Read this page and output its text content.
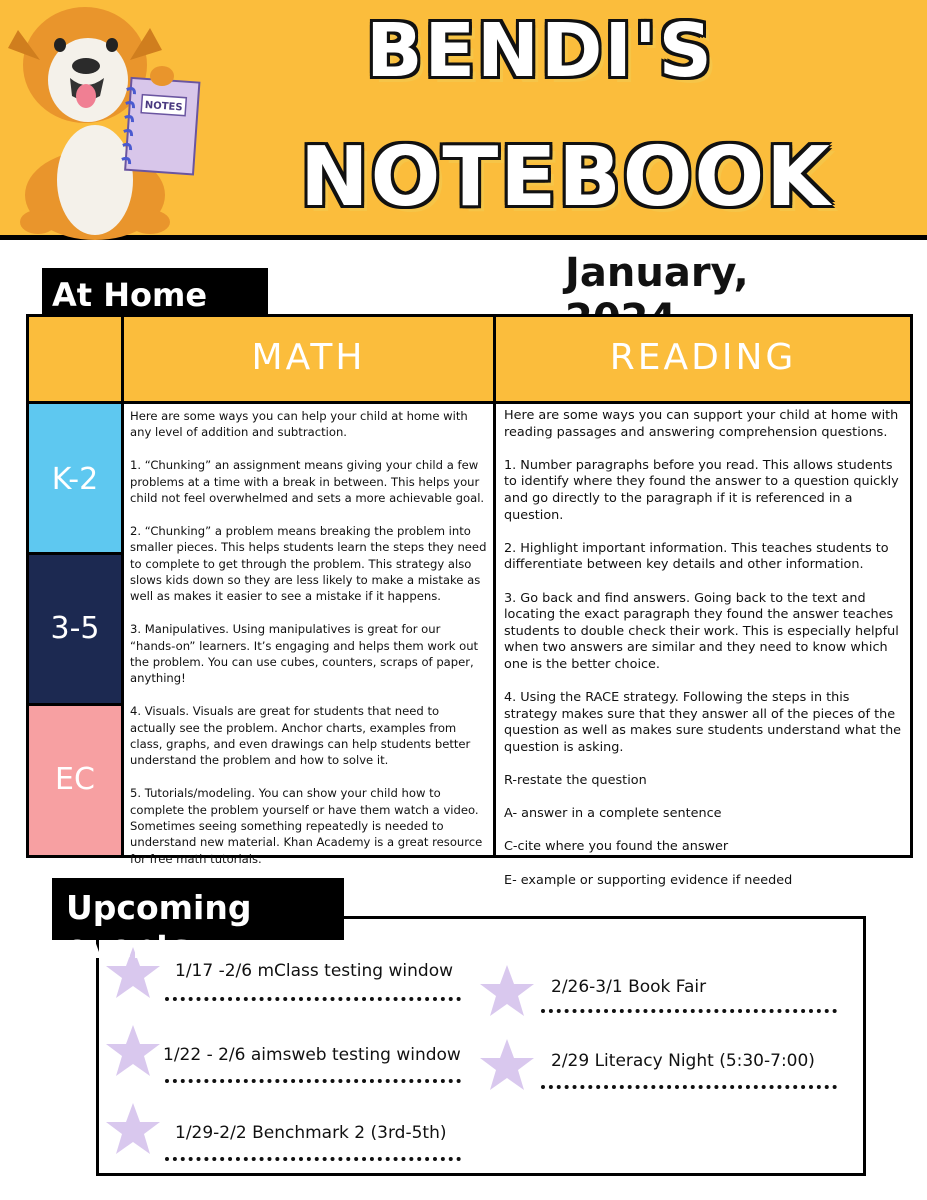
NOTES
BENDI'S
NOTEBOOK
At Home	January,
MATH	READING
K-2
3-5
EC

Here are some ways you can help your child at home with any level of addition and subtraction.

1. “Chunking” an assignment means giving your child a few problems at a time with a break in between. This helps your child not feel overwhelmed and sets a more achievable goal.

2. “Chunking” a problem means breaking the problem into smaller pieces. This helps students learn the steps they need to complete to get through the problem. This strategy also slows kids down so they are less likely to make a mistake as well as makes it easier to see a mistake if it happens.

3. Manipulatives. Using manipulatives is great for our “hands-on” learners. It’s engaging and helps them work out the problem. You can use cubes, counters, scraps of paper, anything!

4. Visuals. Visuals are great for students that need to actually see the problem. Anchor charts, examples from class, graphs, and even drawings can help students better understand the problem and how to solve it.

5. Tutorials/modeling. You can show your child how to complete the problem yourself or have them watch a video. Sometimes seeing something repeatedly is needed to understand new material. Khan Academy is a great resource for free math tutorials.

Here are some ways you can support your child at home with reading passages and answering comprehension questions.

1. Number paragraphs before you read. This allows students to identify where they found the answer to a question quickly and go directly to the paragraph if it is referenced in a question.

2. Highlight important information. This teaches students to differentiate between key details and other information.

3. Go back and find answers. Going back to the text and locating the exact paragraph they found the answer teaches students to double check their work. This is especially helpful when two answers are similar and they need to know which one is the better choice.

4. Using the RACE strategy. Following the steps in this strategy makes sure that they answer all of the pieces of the question as well as makes sure students understand what the question is asking.

R-restate the question

A- answer in a complete sentence

C-cite where you found the answer

E- example or supporting evidence if needed

1/17 -2/6 mClass testing window
1/22 - 2/6 aimsweb testing window
1/29-2/2 Benchmark 2 (3rd-5th)
2/26-3/1 Book Fair
2/29 Literacy Night (5:30-7:00)
Upcoming events:
